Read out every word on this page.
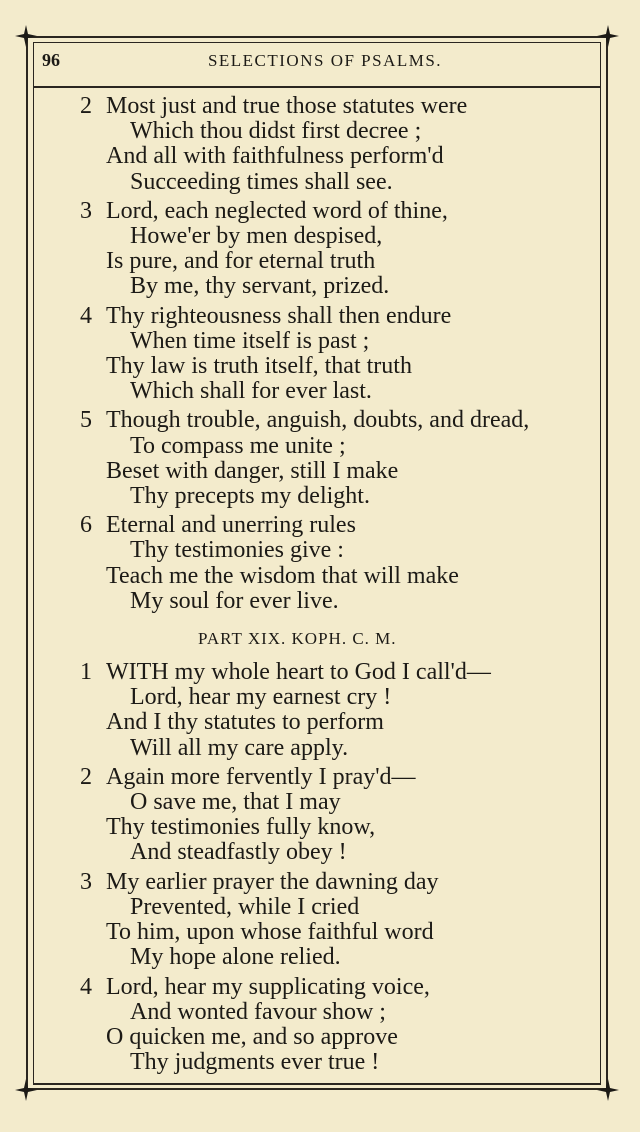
96	SELECTIONS OF PSALMS.
2 Most just and true those statutes were
Which thou didst first decree ;
And all with faithfulness perform'd
Succeeding times shall see.
3 Lord, each neglected word of thine,
Howe'er by men despised,
Is pure, and for eternal truth
By me, thy servant, prized.
4 Thy righteousness shall then endure
When time itself is past ;
Thy law is truth itself, that truth
Which shall for ever last.
5 Though trouble, anguish, doubts, and dread,
To compass me unite ;
Beset with danger, still I make
Thy precepts my delight.
6 Eternal and unerring rules
Thy testimonies give :
Teach me the wisdom that will make
My soul for ever live.
PART XIX. KOPH. C. M.
1 WITH my whole heart to God I call'd—
Lord, hear my earnest cry !
And I thy statutes to perform
Will all my care apply.
2 Again more fervently I pray'd—
O save me, that I may
Thy testimonies fully know,
And steadfastly obey !
3 My earlier prayer the dawning day
Prevented, while I cried
To him, upon whose faithful word
My hope alone relied.
4 Lord, hear my supplicating voice,
And wonted favour show ;
O quicken me, and so approve
Thy judgments ever true !
